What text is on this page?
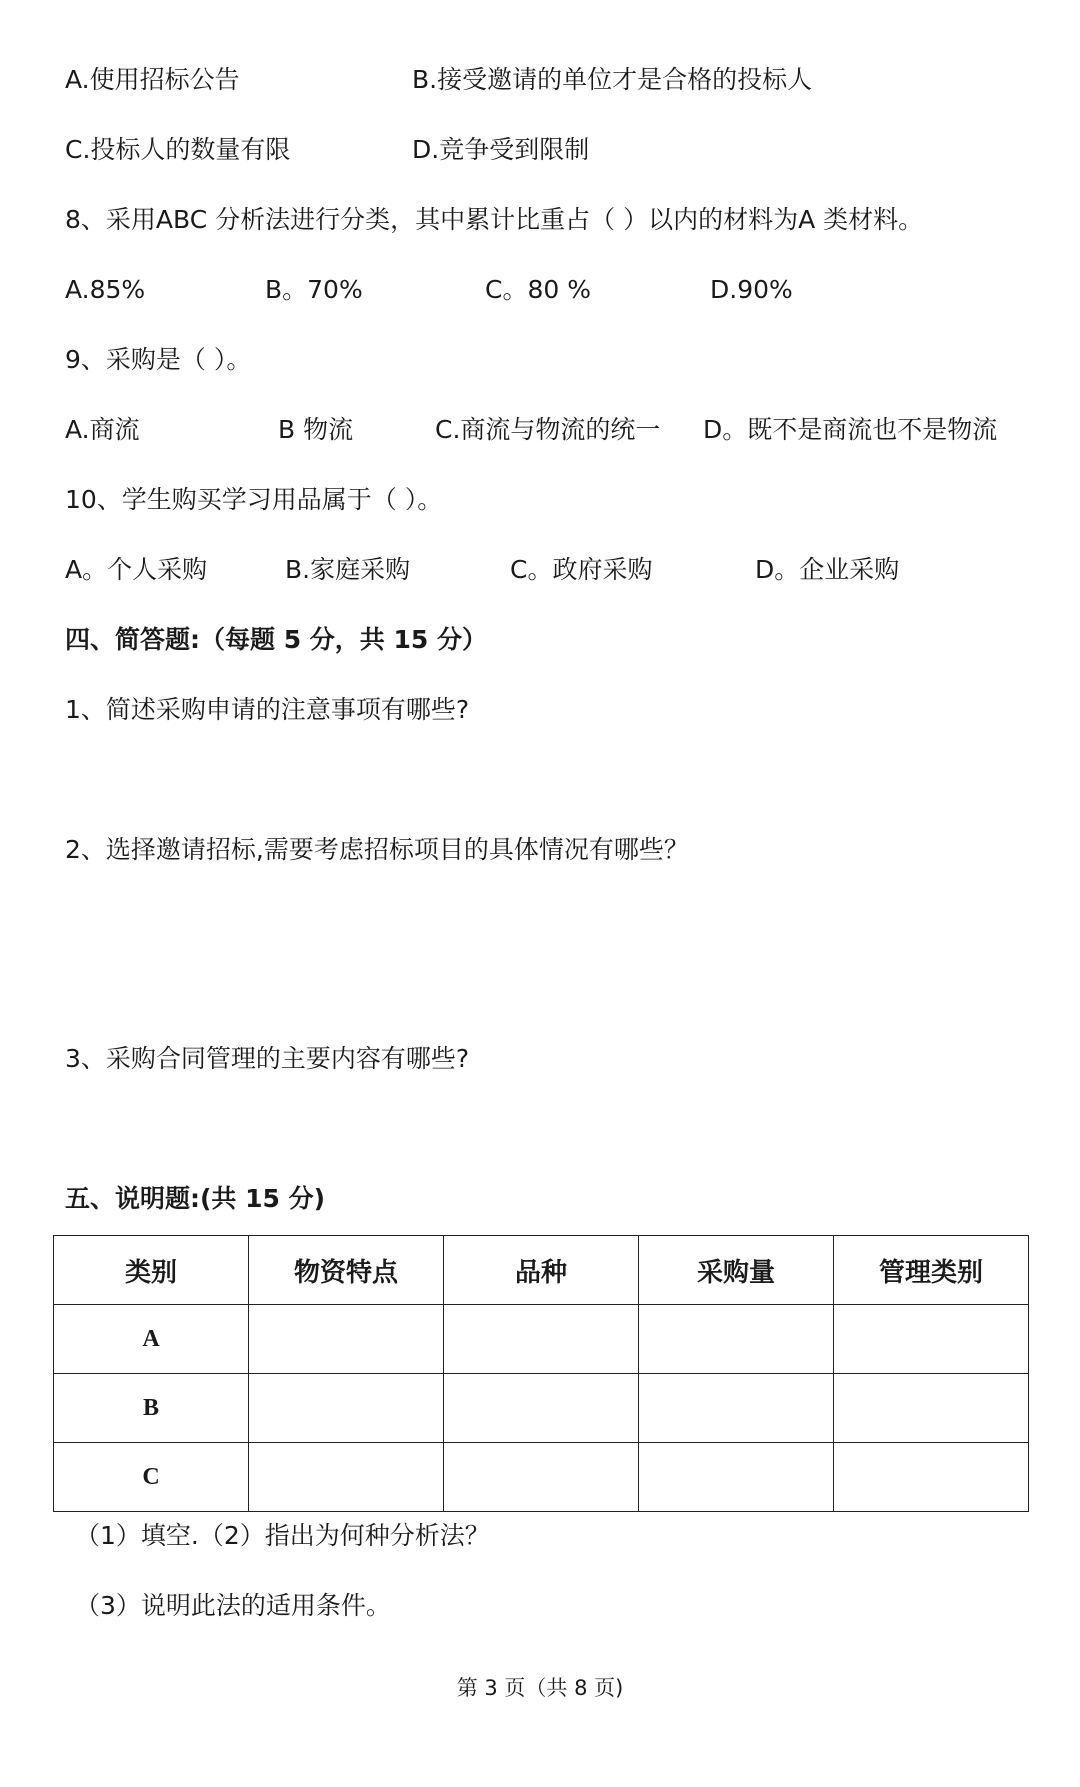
A.使用招标公告	B.接受邀请的单位才是合格的投标人
C.投标人的数量有限	D.竞争受到限制
8、采用ABC 分析法进行分类，其中累计比重占（ ）以内的材料为A 类材料。
A.85%	B。70%	C。80 %	D.90%
9、采购是（ ）。
A.商流	B 物流	C.商流与物流的统一 D。既不是商流也不是物流
10、学生购买学习用品属于（ ）。
A。个人采购	B.家庭采购	C。政府采购	D。企业采购
四、简答题:（每题 5 分，共 15 分）
1、简述采购申请的注意事项有哪些?
2、选择邀请招标,需要考虑招标项目的具体情况有哪些？
3、采购合同管理的主要内容有哪些?
五、说明题:(共 15 分)
类别	物资特点	品种	采购量	管理类别
A				
B				
C				
（1）填空.（2）指出为何种分析法？
（3）说明此法的适用条件。
第 3 页（共 8 页)
